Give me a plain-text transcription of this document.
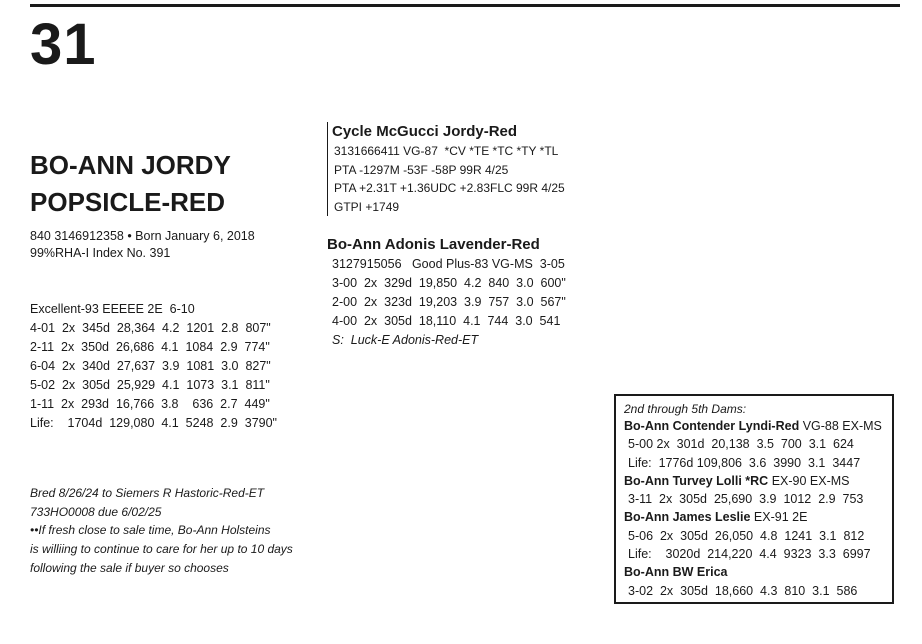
31
BO-ANN JORDY
POPSICLE-RED
840 3146912358 • Born January 6, 2018
99%RHA-I Index No. 391
Excellent-93 EEEEE 2E  6-10
4-01  2x  345d  28,364  4.2  1201  2.8  807"
2-11  2x  350d  26,686  4.1  1084  2.9  774"
6-04  2x  340d  27,637  3.9  1081  3.0  827"
5-02  2x  305d  25,929  4.1  1073  3.1  811"
1-11  2x  293d  16,766  3.8    636  2.7  449"
Life:    1704d  129,080  4.1  5248  2.9  3790"
Bred 8/26/24 to Siemers R Hastoric-Red-ET
733HO0008 due 6/02/25
••If fresh close to sale time, Bo-Ann Holsteins
is williing to continue to care for her up to 10 days
following the sale if buyer so chooses
Cycle McGucci Jordy-Red
3131666411 VG-87  *CV *TE *TC *TY *TL
PTA -1297M -53F -58P 99R 4/25
PTA +2.31T +1.36UDC +2.83FLC 99R 4/25
GTPI +1749
Bo-Ann Adonis Lavender-Red
3127915056   Good Plus-83 VG-MS  3-05
3-00  2x  329d  19,850  4.2  840  3.0  600"
2-00  2x  323d  19,203  3.9  757  3.0  567"
4-00  2x  305d  18,110  4.1  744  3.0  541
S:  Luck-E Adonis-Red-ET
2nd through 5th Dams:
Bo-Ann Contender Lyndi-Red VG-88 EX-MS
5-00 2x  301d  20,138  3.5  700  3.1  624
Life:  1776d 109,806  3.6  3990  3.1  3447
Bo-Ann Turvey Lolli *RC EX-90 EX-MS
3-11  2x  305d  25,690  3.9  1012  2.9  753
Bo-Ann James Leslie EX-91 2E
5-06  2x  305d  26,050  4.8  1241  3.1  812
Life:    3020d  214,220  4.4  9323  3.3  6997
Bo-Ann BW Erica
3-02  2x  305d  18,660  4.3  810  3.1  586
